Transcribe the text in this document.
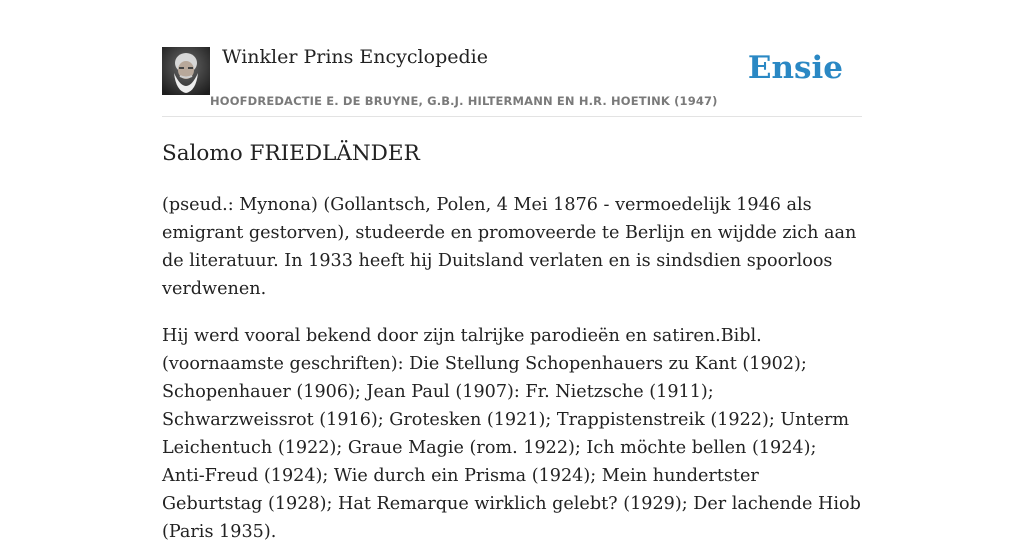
Winkler Prins Encyclopedie
HOOFDREDACTIE E. DE BRUYNE, G.B.J. HILTERMANN EN H.R. HOETINK (1947)
Ensie
Salomo FRIEDLÄNDER

(pseud.: Mynona) (Gollantsch, Polen, 4 Mei 1876 - vermoedelijk 1946 als emigrant gestorven), studeerde en promoveerde te Berlijn en wijdde zich aan de literatuur. In 1933 heeft hij Duitsland verlaten en is sindsdien spoorloos verdwenen.

Hij werd vooral bekend door zijn talrijke parodieën en satiren.Bibl. (voornaamste geschriften): Die Stellung Schopenhauers zu Kant (1902); Schopenhauer (1906); Jean Paul (1907): Fr. Nietzsche (1911); Schwarzweissrot (1916); Grotesken (1921); Trappistenstreik (1922); Unterm Leichentuch (1922); Graue Magie (rom. 1922); Ich möchte bellen (1924); Anti-Freud (1924); Wie durch ein Prisma (1924); Mein hundertster Geburtstag (1928); Hat Remarque wirklich gelebt? (1929); Der lachende Hiob (Paris 1935).
